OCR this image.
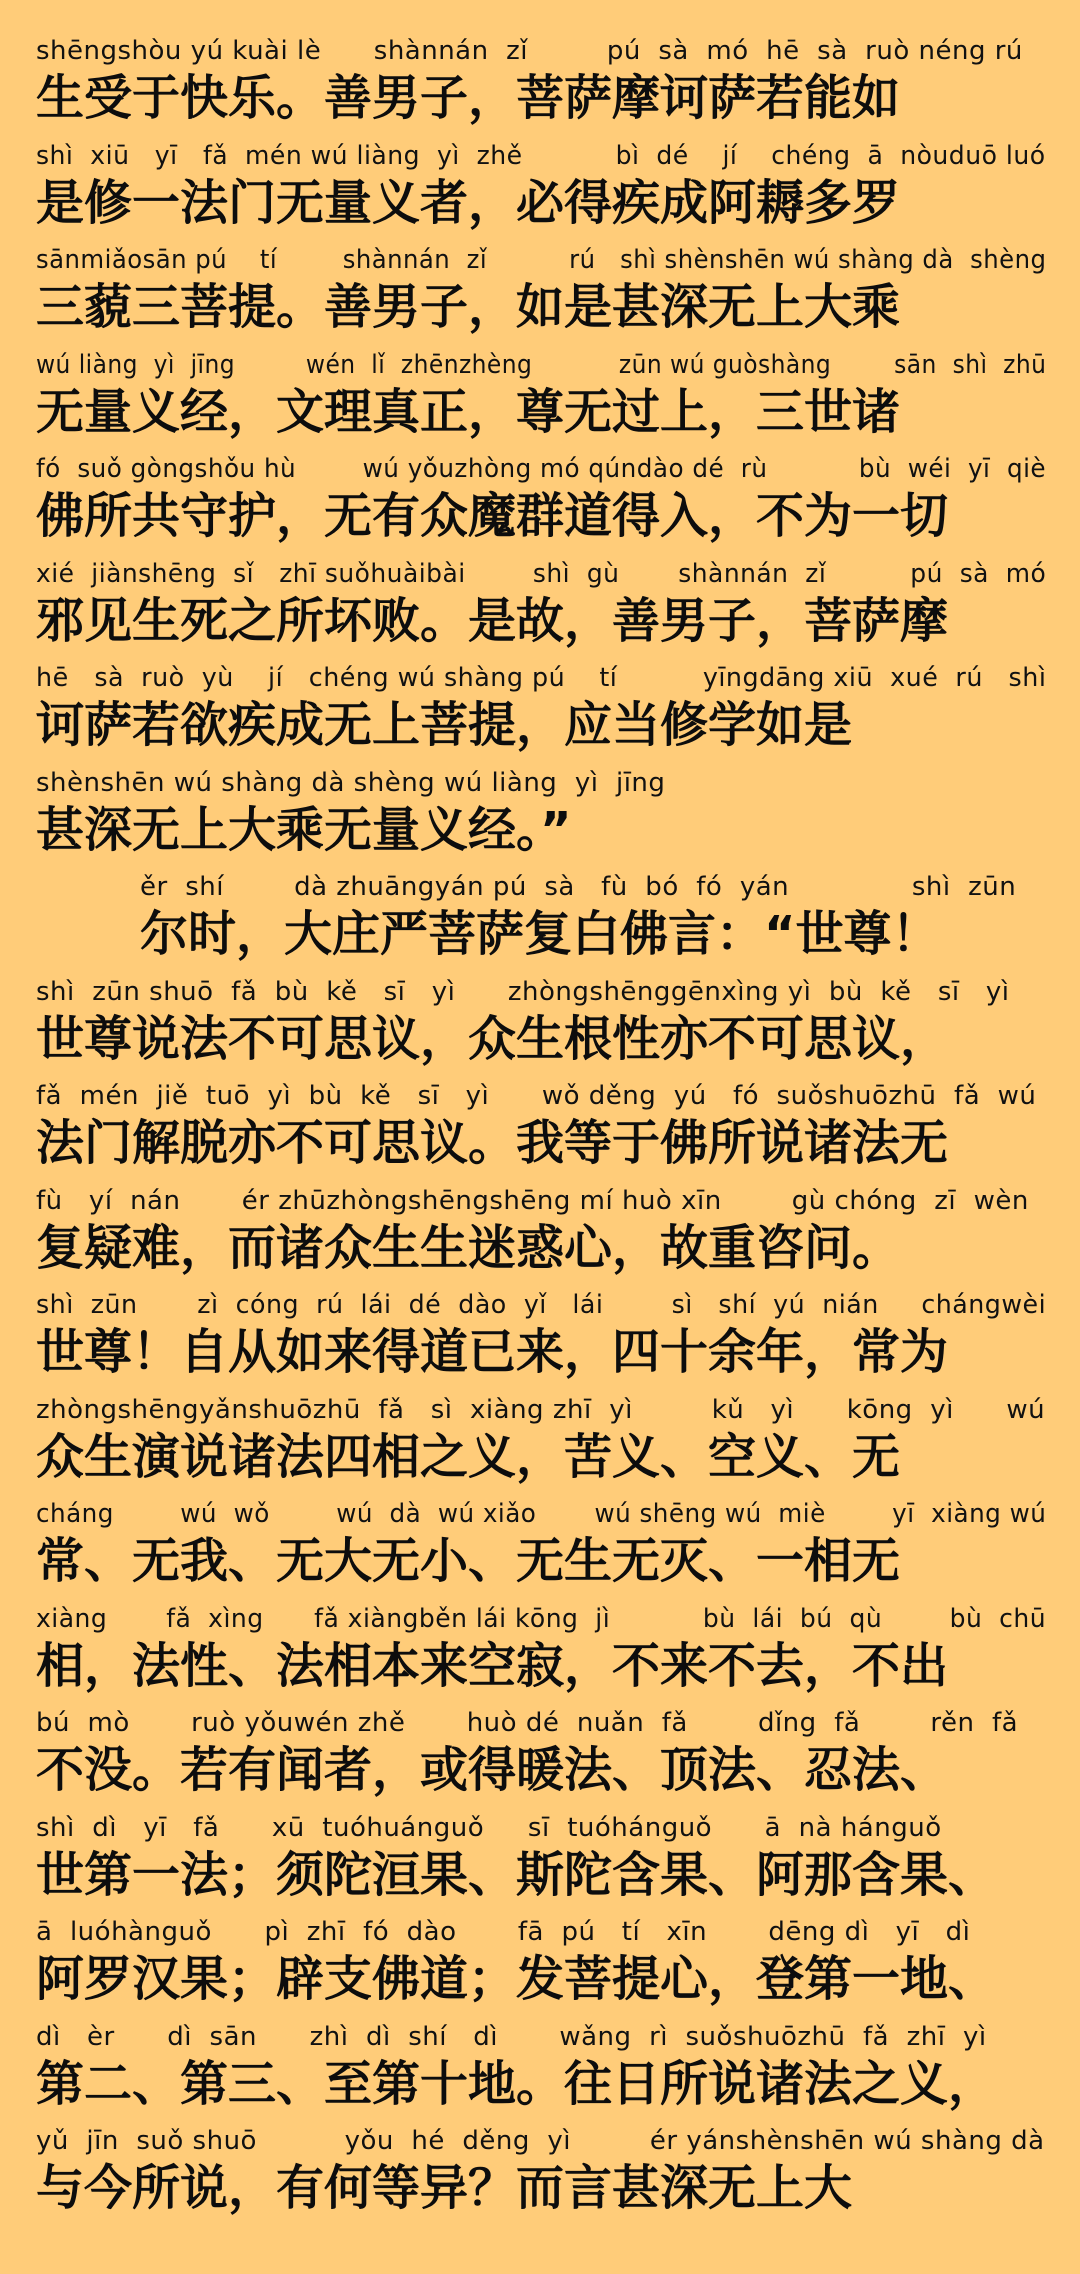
shēngshòu yú kuài lè      shànnán  zǐ         pú  sà  mó  hē  sà  ruò néng rú
生受于快乐。善男子，菩萨摩诃萨若能如
shì  xiū   yī   fǎ  mén wú liàng  yì  zhě           bì  dé    jí    chéng  ā  nòuduō luó
是修一法门无量义者，必得疾成阿耨多罗
sānmiǎosān pú    tí        shànnán  zǐ          rú   shì shènshēn wú shàng dà  shèng
三藐三菩提。善男子，如是甚深无上大乘
wú liàng  yì  jīng         wén  lǐ  zhēnzhèng           zūn wú guòshàng        sān  shì  zhū
无量义经，文理真正，尊无过上，三世诸
fó  suǒ gòngshǒu hù        wú yǒuzhòng mó qúndào dé  rù           bù  wéi  yī  qiè
佛所共守护，无有众魔群道得入，不为一切
xié  jiànshēng  sǐ   zhī suǒhuàibài        shì  gù       shànnán  zǐ          pú  sà  mó
邪见生死之所坏败。是故，善男子，菩萨摩
hē   sà  ruò  yù    jí   chéng wú shàng pú    tí          yīngdāng xiū  xué  rú   shì
诃萨若欲疾成无上菩提，应当修学如是
shènshēn wú shàng dà shèng wú liàng  yì  jīng
甚深无上大乘无量义经。”
ěr  shí        dà zhuāngyán pú  sà   fù  bó  fó  yán              shì  zūn
尔时，大庄严菩萨复白佛言：“世尊！
shì  zūn shuō  fǎ  bù  kě   sī   yì      zhòngshēnggēnxìng yì  bù  kě   sī   yì
世尊说法不可思议，众生根性亦不可思议，
fǎ  mén  jiě  tuō  yì  bù  kě   sī   yì      wǒ děng  yú   fó  suǒshuōzhū  fǎ  wú
法门解脱亦不可思议。我等于佛所说诸法无
fù   yí  nán       ér zhūzhòngshēngshēng mí huò xīn        gù chóng  zī  wèn
复疑难，而诸众生生迷惑心，故重咨问。
shì  zūn       zì  cóng  rú  lái  dé  dào  yǐ   lái        sì   shí  yú  nián     chángwèi
世尊！自从如来得道已来，四十余年，常为
zhòngshēngyǎnshuōzhū  fǎ   sì  xiàng zhī  yì         kǔ   yì      kōng  yì      wú
众生演说诸法四相之义，苦义、空义、无
cháng        wú  wǒ        wú  dà  wú xiǎo       wú shēng wú  miè        yī  xiàng wú
常、无我、无大无小、无生无灭、一相无
xiàng       fǎ  xìng      fǎ xiàngběn lái kōng  jì           bù  lái  bú  qù        bù  chū
相，法性、法相本来空寂，不来不去，不出
bú  mò       ruò yǒuwén zhě       huò dé  nuǎn  fǎ        dǐng  fǎ        rěn  fǎ
不没。若有闻者，或得暖法、顶法、忍法、
shì  dì   yī   fǎ      xū  tuóhuánguǒ     sī  tuóhánguǒ      ā  nà hánguǒ
世第一法；须陀洹果、斯陀含果、阿那含果、
ā  luóhànguǒ      pì  zhī  fó  dào       fā  pú   tí   xīn       dēng dì   yī   dì
阿罗汉果；辟支佛道；发菩提心，登第一地、
dì   èr      dì  sān      zhì  dì  shí   dì       wǎng  rì  suǒshuōzhū  fǎ  zhī  yì
第二、第三、至第十地。往日所说诸法之义，
yǔ  jīn  suǒ shuō          yǒu  hé  děng  yì         ér yánshènshēn wú shàng dà
与今所说，有何等异？而言甚深无上大
